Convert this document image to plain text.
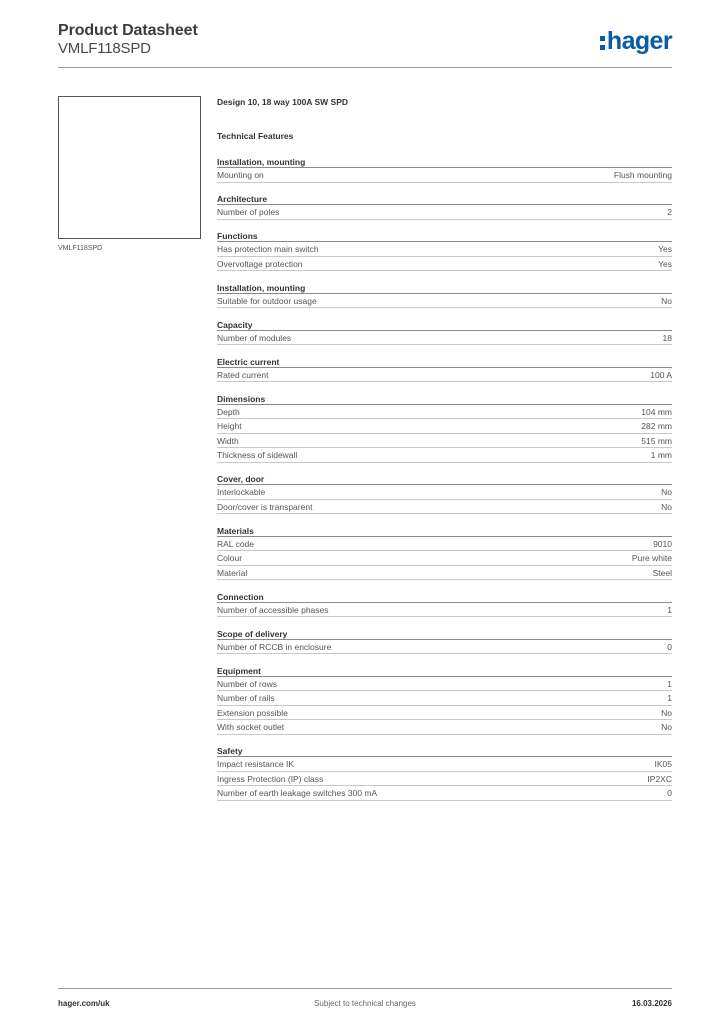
Product Datasheet
VMLF118SPD	hager
VMLF118SPD
Design 10, 18 way 100A SW SPD
Technical Features
Installation, mounting
Mounting on	Flush mounting
Architecture
Number of poles	2
Functions
Has protection main switch	Yes
Overvoltage protection	Yes
Installation, mounting
Suitable for outdoor usage	No
Capacity
Number of modules	18
Electric current
Rated current	100 A
Dimensions
Depth	104 mm
Height	282 mm
Width	515 mm
Thickness of sidewall	1 mm
Cover, door
Interlockable	No
Door/cover is transparent	No
Materials
RAL code	9010
Colour	Pure white
Material	Steel
Connection
Number of accessible phases	1
Scope of delivery
Number of RCCB in enclosure	0
Equipment
Number of rows	1
Number of rails	1
Extension possible	No
With socket outlet	No
Safety
Impact resistance IK	IK05
Ingress Protection (IP) class	IP2XC
Number of earth leakage switches 300 mA	0
hager.com/uk	Subject to technical changes	16.03.2026
